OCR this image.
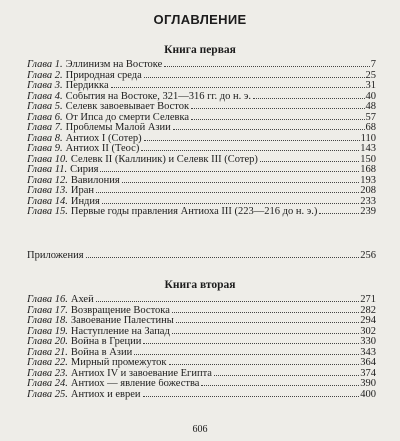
ОГЛАВЛЕНИЕ
Книга первая
Глава 1. Эллинизм на Востоке	7
Глава 2. Природная среда	25
Глава 3. Пердикка	31
Глава 4. События на Востоке, 321—316 гг. до н. э.	40
Глава 5. Селевк завоевывает Восток	48
Глава 6. От Ипса до смерти Селевка	57
Глава 7. Проблемы Малой Азии	68
Глава 8. Антиох I (Сотер)	110
Глава 9. Антиох II (Теос)	143
Глава 10. Селевк II (Каллиник) и Селевк III (Сотер)	150
Глава 11. Сирия	168
Глава 12. Вавилония	193
Глава 13. Иран	208
Глава 14. Индия	233
Глава 15. Первые годы правления Антиоха III (223—216 до н. э.)	239
Приложения	256
Книга вторая
Глава 16. Ахей	271
Глава 17. Возвращение Востока	282
Глава 18. Завоевание Палестины	294
Глава 19. Наступление на Запад	302
Глава 20. Война в Греции	330
Глава 21. Война в Азии	343
Глава 22. Мирный промежуток	364
Глава 23. Антиох IV и завоевание Египта	374
Глава 24. Антиох — явление божества	390
Глава 25. Антиох и евреи	400
606
